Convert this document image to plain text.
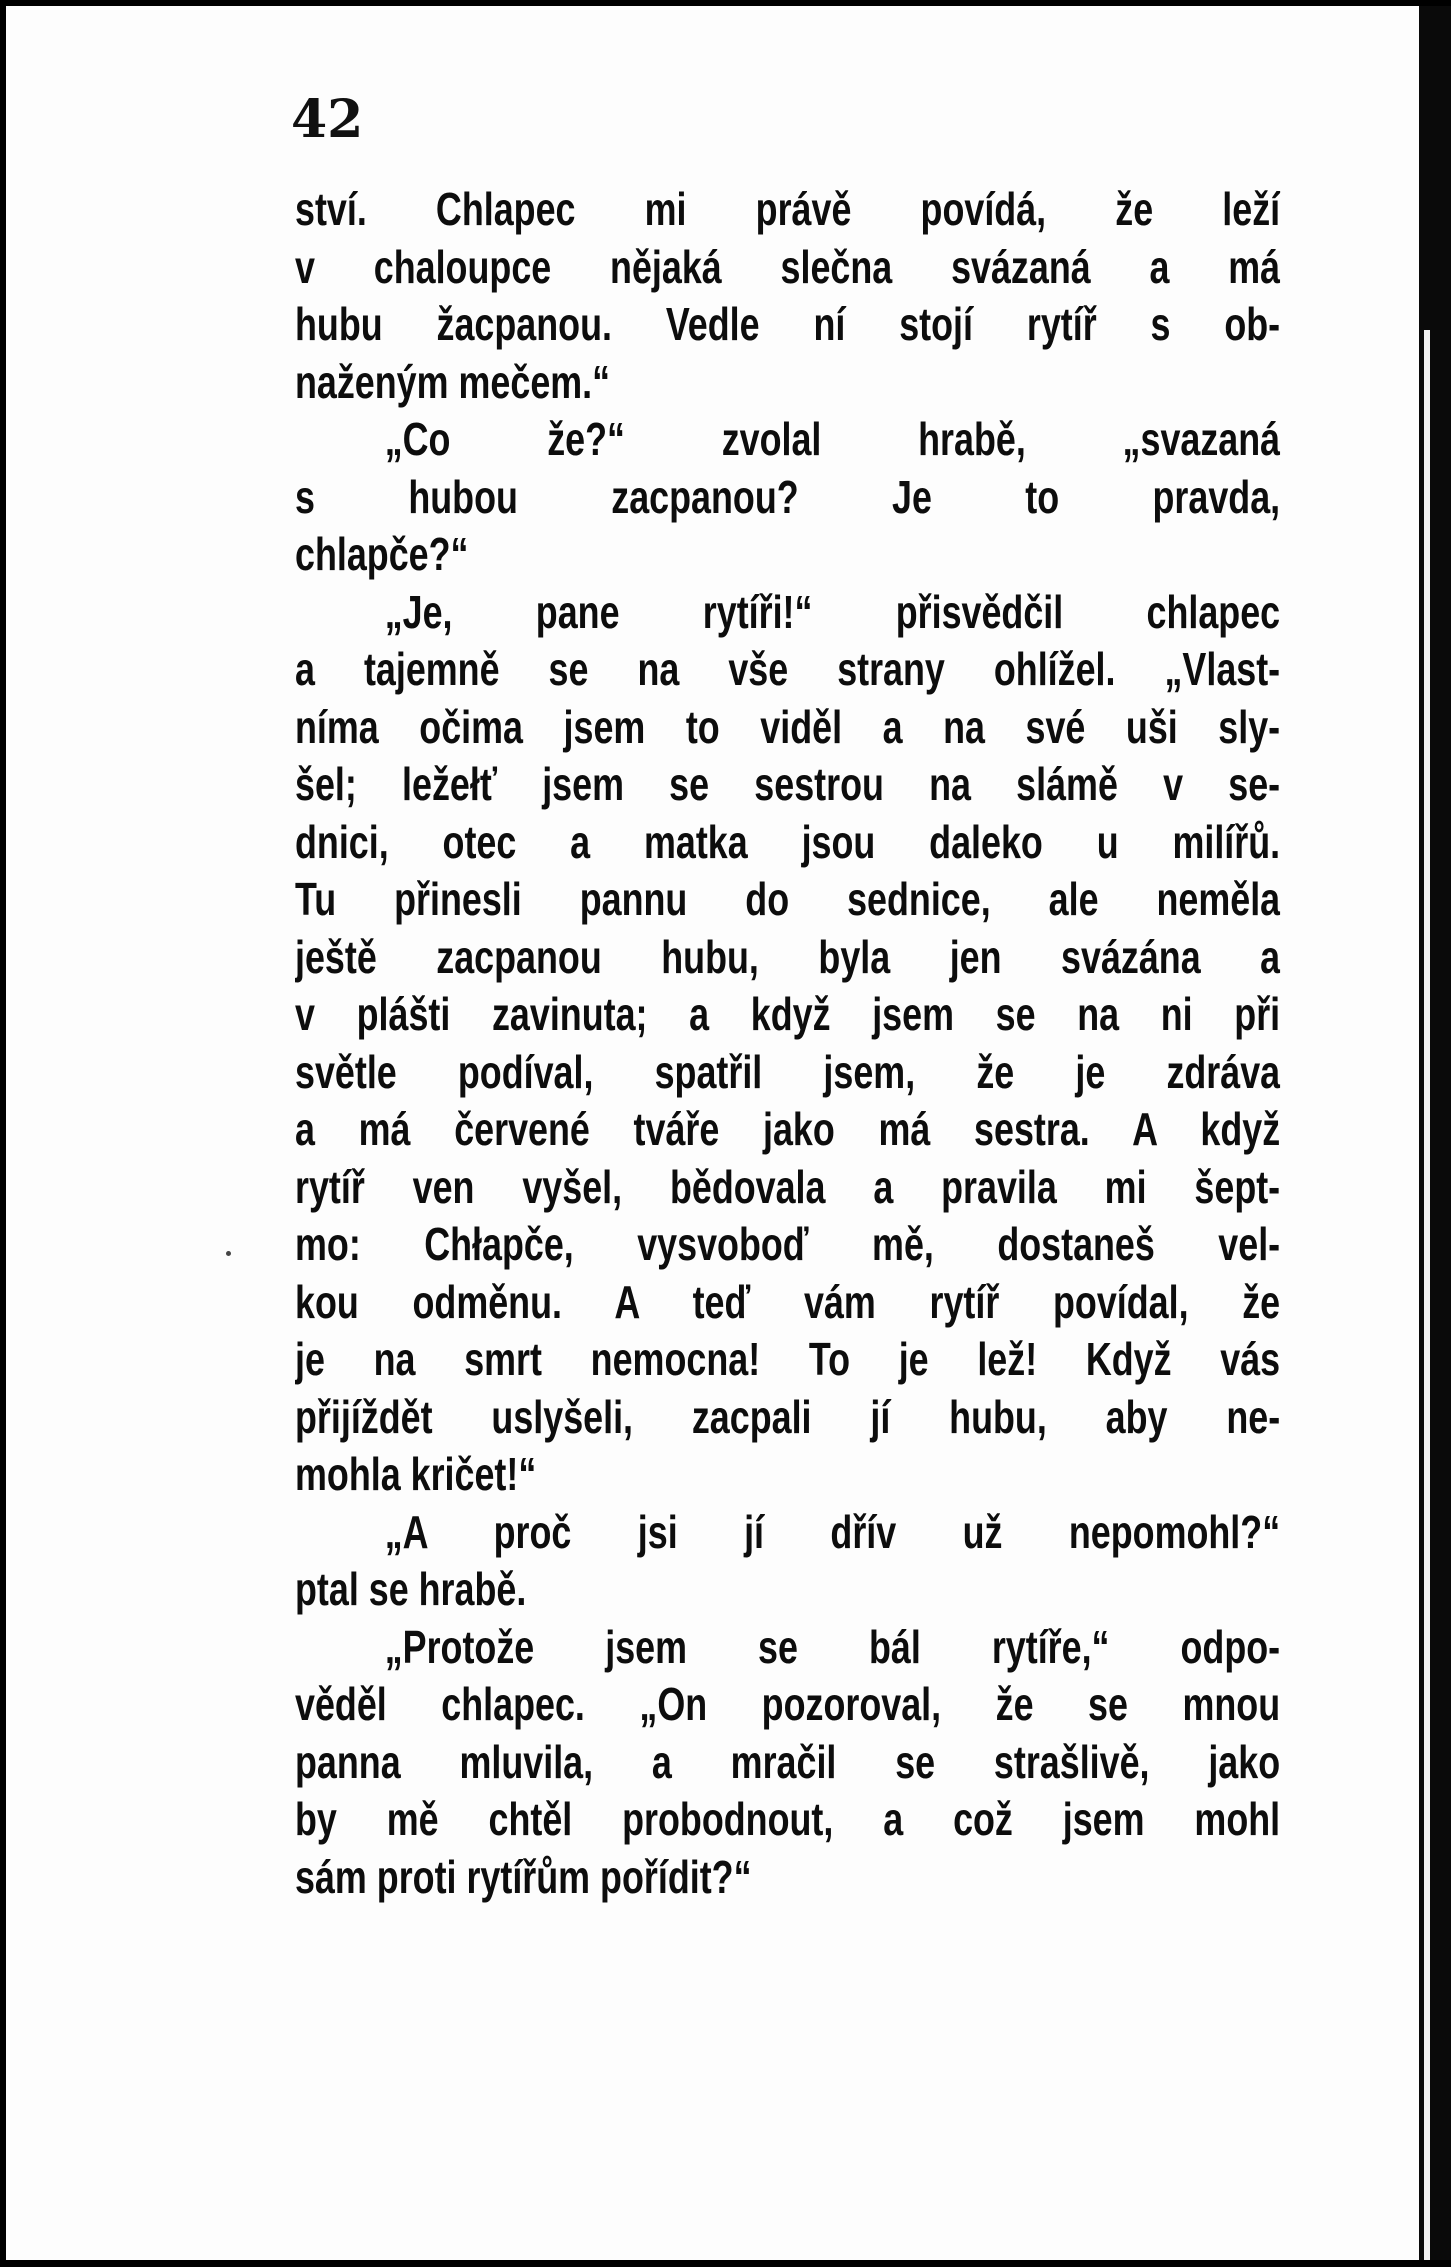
42
ství. Chlapec mi právě povídá, že leží
v chaloupce nějaká slečna svázaná a má
hubu žacpanou. Vedle ní stojí rytíř s ob-
naženým mečem.“
„Co že?“ zvolal hrabě, „svazaná
s hubou zacpanou? Je to pravda,
chlapče?“
„Je, pane rytíři!“ přisvědčil chlapec
a tajemně se na vše strany ohlížel. „Vlast-
níma očima jsem to viděl a na své uši sly-
šel; ležełť jsem se sestrou na slámě v se-
dnici, otec a matka jsou daleko u milířů.
Tu přinesli pannu do sednice, ale neměla
ještě zacpanou hubu, byla jen svázána a
v plášti zavinuta; a když jsem se na ni při
světle podíval, spatřil jsem, že je zdráva
a má červené tváře jako má sestra. A když
rytíř ven vyšel, bědovala a pravila mi šept-
mo: Chłapče, vysvoboď mě, dostaneš vel-
kou odměnu. A teď vám rytíř povídal, že
je na smrt nemocna! To je lež! Když vás
přijíždět uslyšeli, zacpali jí hubu, aby ne-
mohla kričet!“
„A proč jsi jí dřív už nepomohl?“
ptal se hrabě.
„Protože jsem se bál rytíře,“ odpo-
věděl chlapec. „On pozoroval, že se mnou
panna mluvila, a mračil se strašlivě, jako
by mě chtěl probodnout, a což jsem mohl
sám proti rytířům pořídit?“
